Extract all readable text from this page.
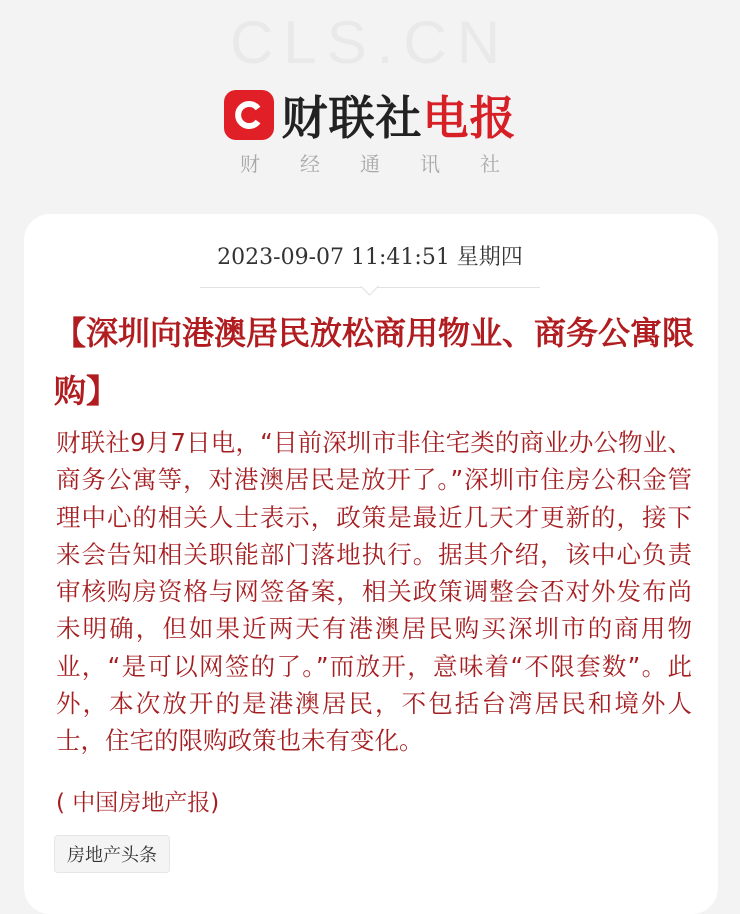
CLS.CN
财联社电报
财经通讯社
2023-09-07 11:41:51 星期四
【深圳向港澳居民放松商用物业、商务公寓限购】

财联社9月7日电，“目前深圳市非住宅类的商业办公物业、商务公寓等，对港澳居民是放开了。”深圳市住房公积金管理中心的相关人士表示，政策是最近几天才更新的，接下来会告知相关职能部门落地执行。据其介绍，该中心负责审核购房资格与网签备案，相关政策调整会否对外发布尚未明确，但如果近两天有港澳居民购买深圳市的商用物业，“是可以网签的了。”而放开，意味着“不限套数”。此外，本次放开的是港澳居民，不包括台湾居民和境外人士，住宅的限购政策也未有变化。

( 中国房地产报)
房地产头条
